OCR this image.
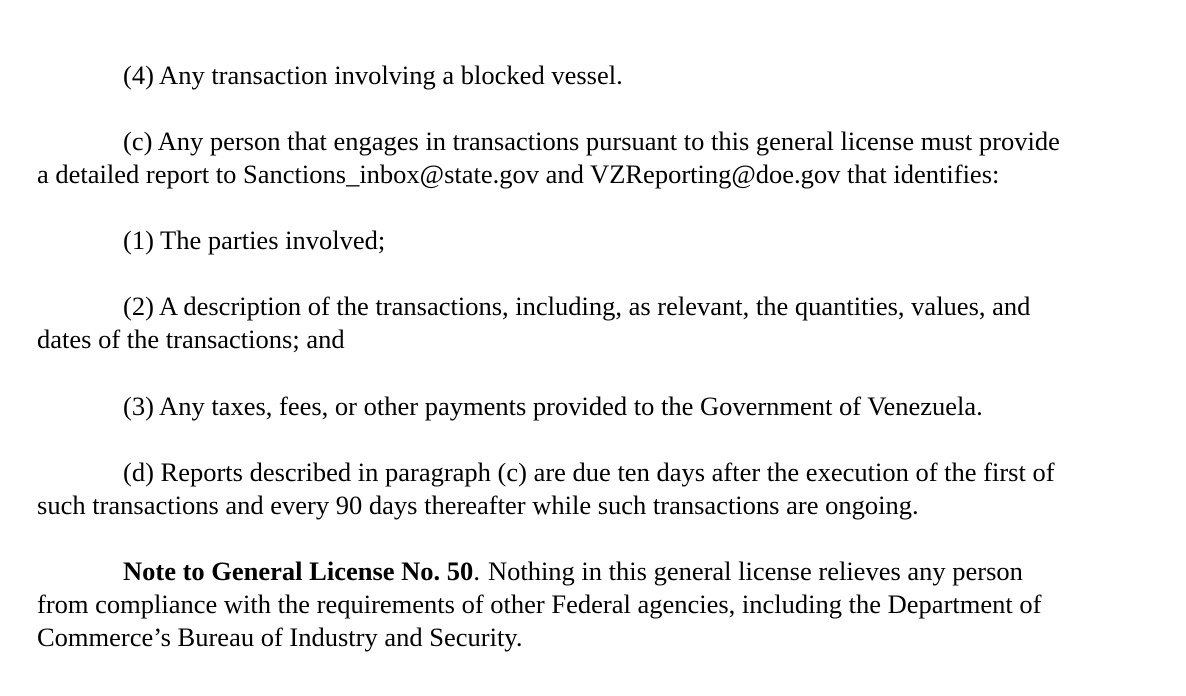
(4) Any transaction involving a blocked vessel.

(c) Any person that engages in transactions pursuant to this general license must provide
a detailed report to Sanctions_inbox@state.gov and VZReporting@doe.gov that identifies:

(1) The parties involved;

(2) A description of the transactions, including, as relevant, the quantities, values, and
dates of the transactions; and

(3) Any taxes, fees, or other payments provided to the Government of Venezuela.

(d) Reports described in paragraph (c) are due ten days after the execution of the first of
such transactions and every 90 days thereafter while such transactions are ongoing.

Note to General License No. 50. Nothing in this general license relieves any person
from compliance with the requirements of other Federal agencies, including the Department of
Commerce’s Bureau of Industry and Security.
